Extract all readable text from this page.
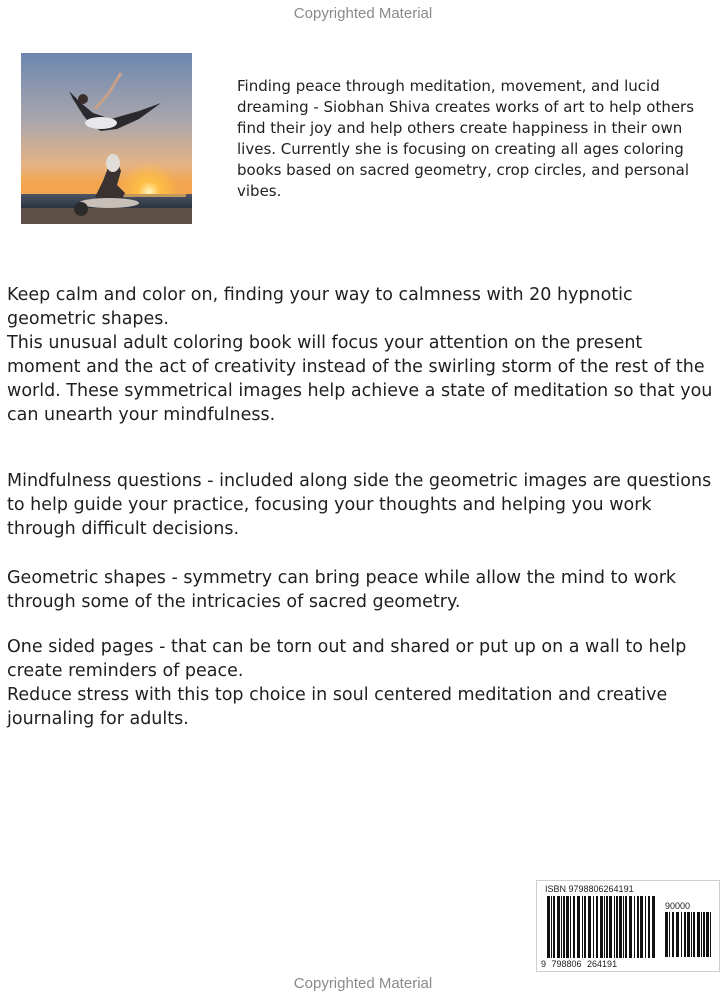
Copyrighted Material
Finding peace through meditation, movement, and lucid dreaming - Siobhan Shiva creates works of art to help others find their joy and help others create happiness in their own lives. Currently she is focusing on creating all ages coloring books based on sacred geometry, crop circles, and personal vibes.
Keep calm and color on, finding your way to calmness with 20 hypnotic geometric shapes.
This unusual adult coloring book will focus your attention on the present moment and the act of creativity instead of the swirling storm of the rest of the world. These symmetrical images help achieve a state of meditation so that you can unearth your mindfulness.
Mindfulness questions - included along side the geometric images are questions to help guide your practice, focusing your thoughts and helping you work through difficult decisions.
Geometric shapes - symmetry can bring peace while allow the mind to work through some of the intricacies of sacred geometry.
One sided pages - that can be torn out and shared or put up on a wall to help create reminders of peace.
Reduce stress with this top choice in soul centered meditation and creative journaling for adults.
ISBN 9798806264191
90000
9 798806 264191
Copyrighted Material
